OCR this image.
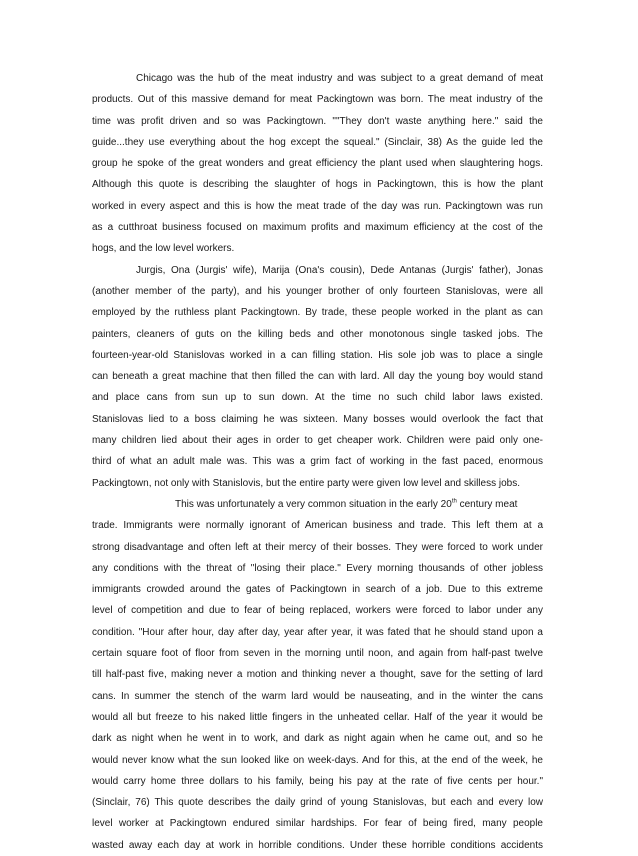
Chicago was the hub of the meat industry and was subject to a great demand of meat
products. Out of this massive demand for meat Packingtown was born. The meat industry of the
time was profit driven and so was Packingtown. ""They don't waste anything here." said the
guide...they use everything about the hog except the squeal." (Sinclair, 38) As the guide led the
group he spoke of the great wonders and great efficiency the plant used when slaughtering hogs.
Although this quote is describing the slaughter of hogs in Packingtown, this is how the plant
worked in every aspect and this is how the meat trade of the day was run. Packingtown was run
as a cutthroat business focused on maximum profits and maximum efficiency at the cost of the
hogs, and the low level workers.
Jurgis, Ona (Jurgis' wife), Marija (Ona's cousin), Dede Antanas (Jurgis' father), Jonas
(another member of the party), and his younger brother of only fourteen Stanislovas, were all
employed by the ruthless plant Packingtown. By trade, these people worked in the plant as can
painters, cleaners of guts on the killing beds and other monotonous single tasked jobs. The
fourteen-year-old Stanislovas worked in a can filling station. His sole job was to place a single
can beneath a great machine that then filled the can with lard. All day the young boy would stand
and place cans from sun up to sun down. At the time no such child labor laws existed.
Stanislovas lied to a boss claiming he was sixteen. Many bosses would overlook the fact that
many children lied about their ages in order to get cheaper work. Children were paid only one-
third of what an adult male was. This was a grim fact of working in the fast paced, enormous
Packingtown, not only with Stanislovis, but the entire party were given low level and skilless jobs.
This was unfortunately a very common situation in the early 20th century meat
trade. Immigrants were normally ignorant of American business and trade. This left them at a
strong disadvantage and often left at their mercy of their bosses. They were forced to work under
any conditions with the threat of "losing their place." Every morning thousands of other jobless
immigrants crowded around the gates of Packingtown in search of a job. Due to this extreme
level of competition and due to fear of being replaced, workers were forced to labor under any
condition. "Hour after hour, day after day, year after year, it was fated that he should stand upon a
certain square foot of floor from seven in the morning until noon, and again from half-past twelve
till half-past five, making never a motion and thinking never a thought, save for the setting of lard
cans. In summer the stench of the warm lard would be nauseating, and in the winter the cans
would all but freeze to his naked little fingers in the unheated cellar. Half of the year it would be
dark as night when he went in to work, and dark as night again when he came out, and so he
would never know what the sun looked like on week-days. And for this, at the end of the week, he
would carry home three dollars to his family, being his pay at the rate of five cents per hour."
(Sinclair, 76) This quote describes the daily grind of young Stanislovas, but each and every low
level worker at Packingtown endured similar hardships. For fear of being fired, many people
wasted away each day at work in horrible conditions. Under these horrible conditions accidents
